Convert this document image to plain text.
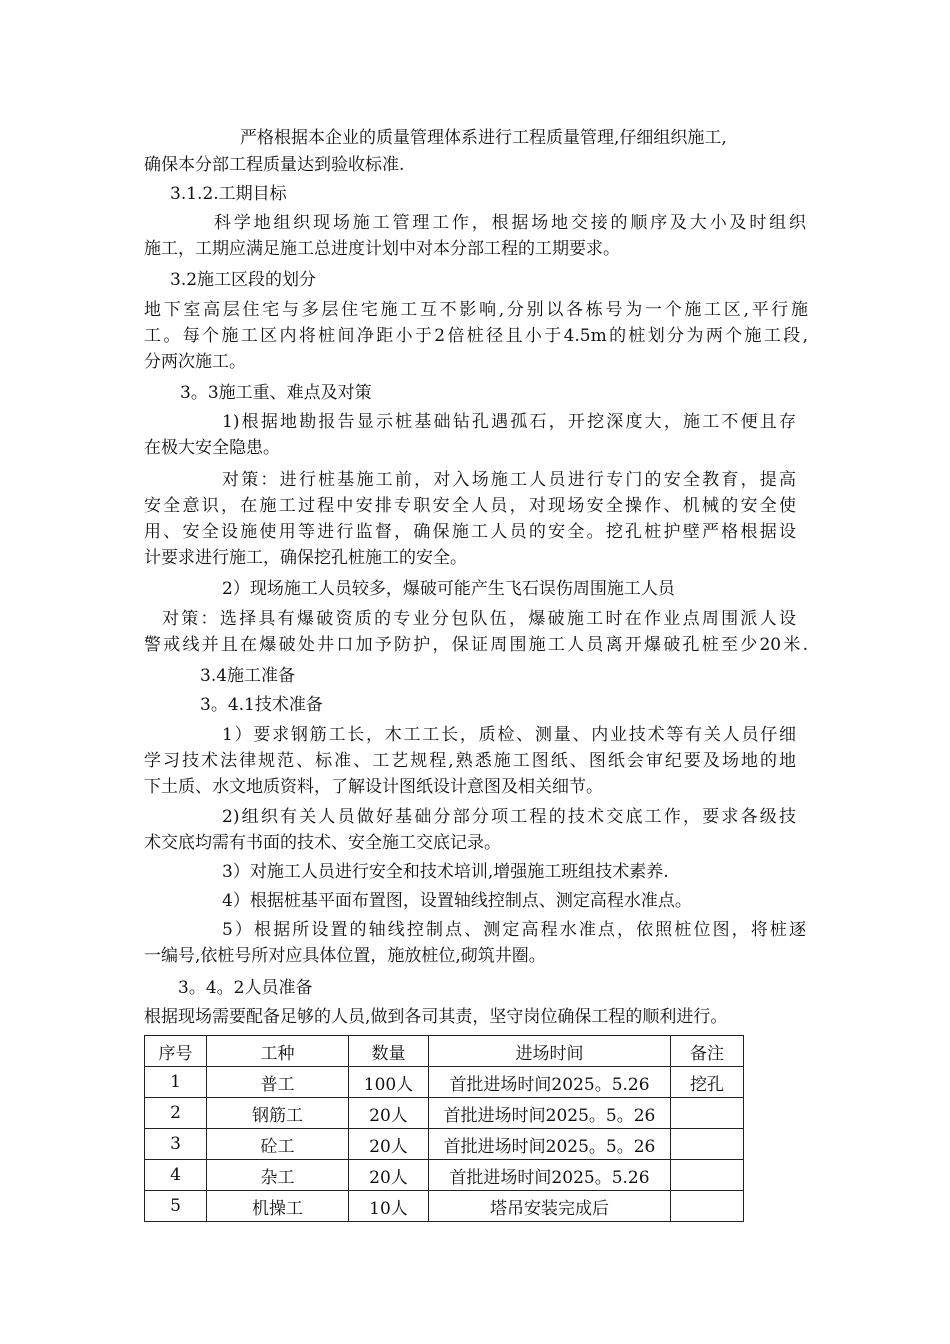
严格根据本企业的质量管理体系进行工程质量管理,仔细组织施工,
确保本分部工程质量达到验收标准.
3.1.2.工期目标
科学地组织现场施工管理工作，根据场地交接的顺序及大小及时组织
施工，工期应满足施工总进度计划中对本分部工程的工期要求。
3.2施工区段的划分
地下室高层住宅与多层住宅施工互不影响,分别以各栋号为一个施工区,平行施
工。每个施工区内将桩间净距小于2倍桩径且小于4.5m的桩划分为两个施工段,
分两次施工。
3。3施工重、难点及对策
1)根据地勘报告显示桩基础钻孔遇孤石，开挖深度大，施工不便且存
在极大安全隐患。
对策：进行桩基施工前，对入场施工人员进行专门的安全教育，提高
安全意识，在施工过程中安排专职安全人员，对现场安全操作、机械的安全使
用、安全设施使用等进行监督，确保施工人员的安全。挖孔桩护壁严格根据设
计要求进行施工，确保挖孔桩施工的安全。
2）现场施工人员较多，爆破可能产生飞石误伤周围施工人员
对策：选择具有爆破资质的专业分包队伍，爆破施工时在作业点周围派人设
警戒线并且在爆破处井口加予防护，保证周围施工人员离开爆破孔桩至少20米.
3.4施工准备
3。4.1技术准备
1）要求钢筋工长，木工工长，质检、测量、内业技术等有关人员仔细
学习技术法律规范、标准、工艺规程,熟悉施工图纸、图纸会审纪要及场地的地
下土质、水文地质资料，了解设计图纸设计意图及相关细节。
2)组织有关人员做好基础分部分项工程的技术交底工作，要求各级技
术交底均需有书面的技术、安全施工交底记录。
3）对施工人员进行安全和技术培训,增强施工班组技术素养.
4）根据桩基平面布置图，设置轴线控制点、测定高程水准点。
5）根据所设置的轴线控制点、测定高程水准点，依照桩位图，将桩逐
一编号,依桩号所对应具体位置，施放桩位,砌筑井圈。
3。4。2人员准备
根据现场需要配备足够的人员,做到各司其责，坚守岗位确保工程的顺利进行。
序号	工种	数量	进场时间	备注
1	普工	100人	首批进场时间2025。5.26	挖孔
2	钢筋工	20人	首批进场时间2025。5。26	
3	砼工	20人	首批进场时间2025。5。26	
4	杂工	20人	首批进场时间2025。5.26	
5	机操工	10人	塔吊安装完成后	
